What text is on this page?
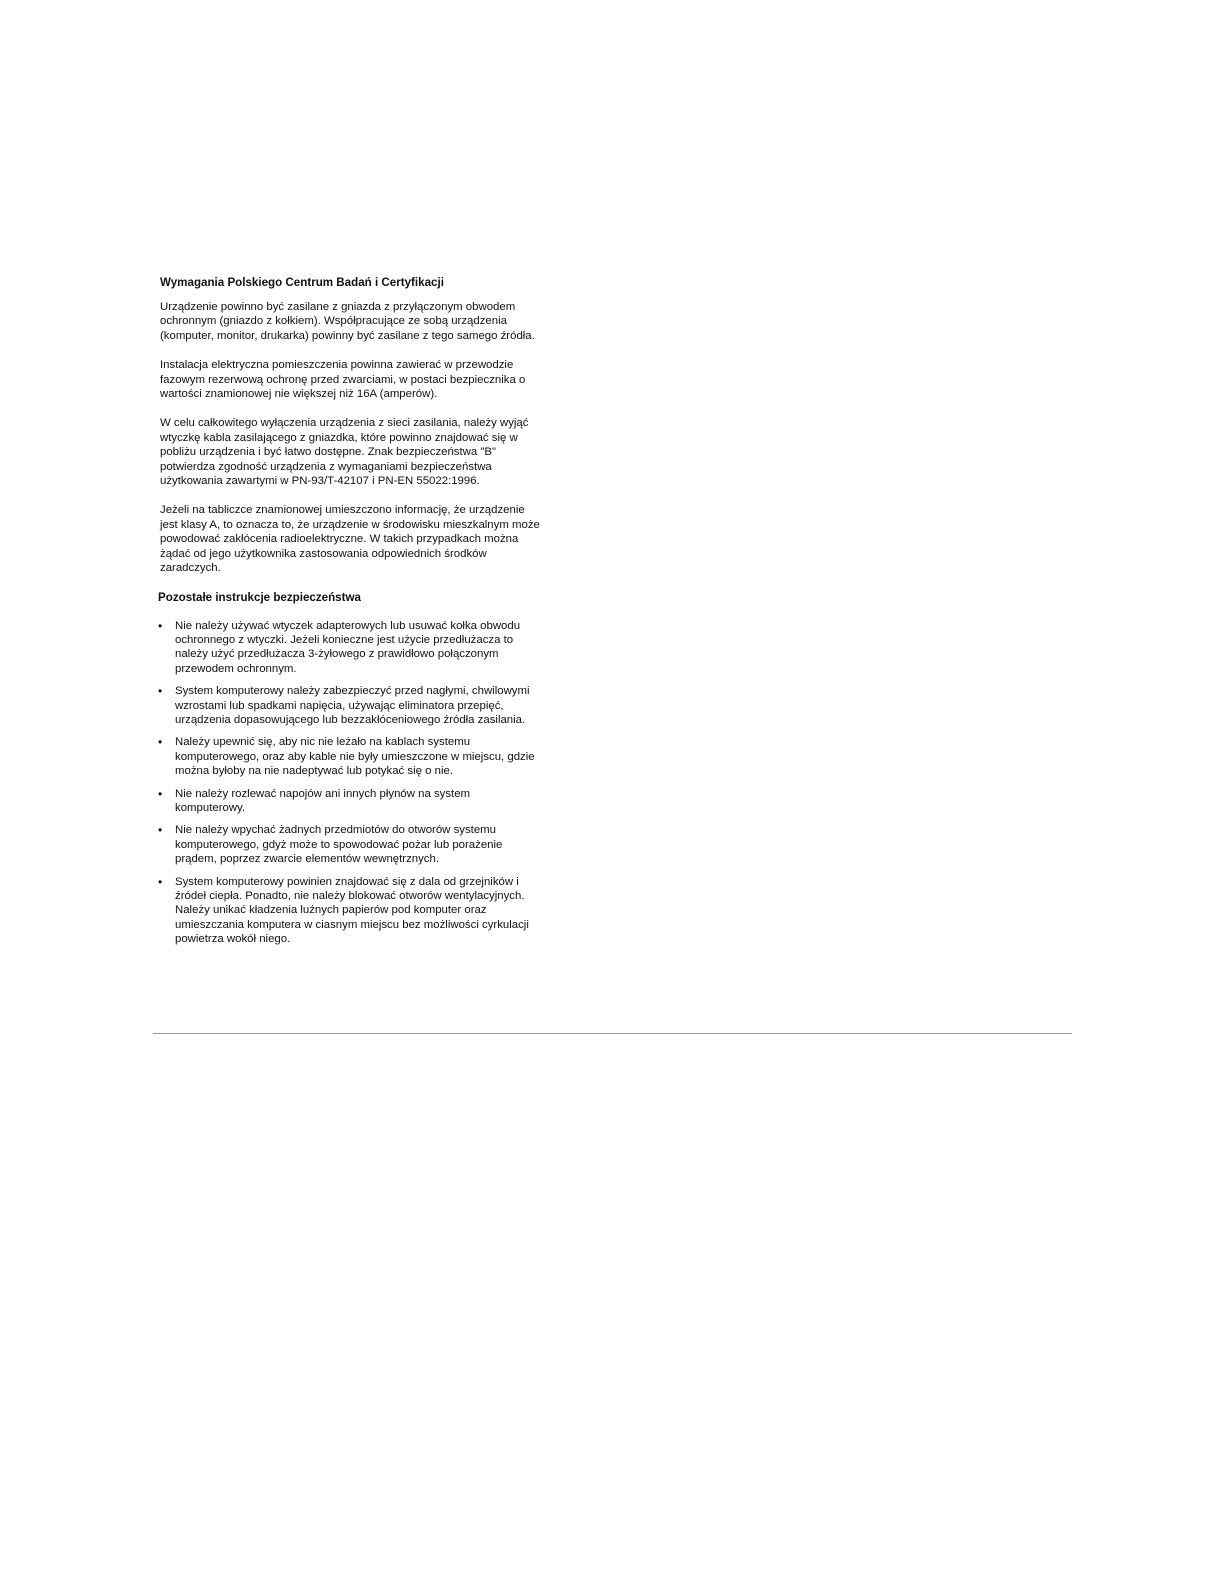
Wymagania Polskiego Centrum Badań i Certyfikacji

Urządzenie powinno być zasilane z gniazda z przyłączonym obwodem ochronnym (gniazdo z kołkiem). Współpracujące ze sobą urządzenia (komputer, monitor, drukarka) powinny być zasilane z tego samego źródła.

Instalacja elektryczna pomieszczenia powinna zawierać w przewodzie fazowym rezerwową ochronę przed zwarciami, w postaci bezpiecznika o wartości znamionowej nie większej niż 16A (amperów).

W celu całkowitego wyłączenia urządzenia z sieci zasilania, należy wyjąć wtyczkę kabla zasilającego z gniazdka, które powinno znajdować się w pobliżu urządzenia i być łatwo dostępne. Znak bezpieczeństwa "B" potwierdza zgodność urządzenia z wymaganiami bezpieczeństwa użytkowania zawartymi w PN-93/T-42107 i PN-EN 55022:1996.

Jeżeli na tabliczce znamionowej umieszczono informację, że urządzenie jest klasy A, to oznacza to, że urządzenie w środowisku mieszkalnym może powodować zakłócenia radioelektryczne. W takich przypadkach można żądać od jego użytkownika zastosowania odpowiednich środków zaradczych.

Pozostałe instrukcje bezpieczeństwa
• Nie należy używać wtyczek adapterowych lub usuwać kołka obwodu ochronnego z wtyczki. Jeżeli konieczne jest użycie przedłużacza to należy użyć przedłużacza 3-żyłowego z prawidłowo połączonym przewodem ochronnym.
• System komputerowy należy zabezpieczyć przed nagłymi, chwilowymi wzrostami lub spadkami napięcia, używając eliminatora przepięć, urządzenia dopasowującego lub bezzakłóceniowego źródła zasilania.
• Należy upewnić się, aby nic nie leżało na kablach systemu komputerowego, oraz aby kable nie były umieszczone w miejscu, gdzie można byłoby na nie nadeptywać lub potykać się o nie.
• Nie należy rozlewać napojów ani innych płynów na system komputerowy.
• Nie należy wpychać żadnych przedmiotów do otworów systemu komputerowego, gdyż może to spowodować pożar lub porażenie prądem, poprzez zwarcie elementów wewnętrznych.
• System komputerowy powinien znajdować się z dala od grzejników i źródeł ciepła. Ponadto, nie należy blokować otworów wentylacyjnych. Należy unikać kładzenia luźnych papierów pod komputer oraz umieszczania komputera w ciasnym miejscu bez możliwości cyrkulacji powietrza wokół niego.
